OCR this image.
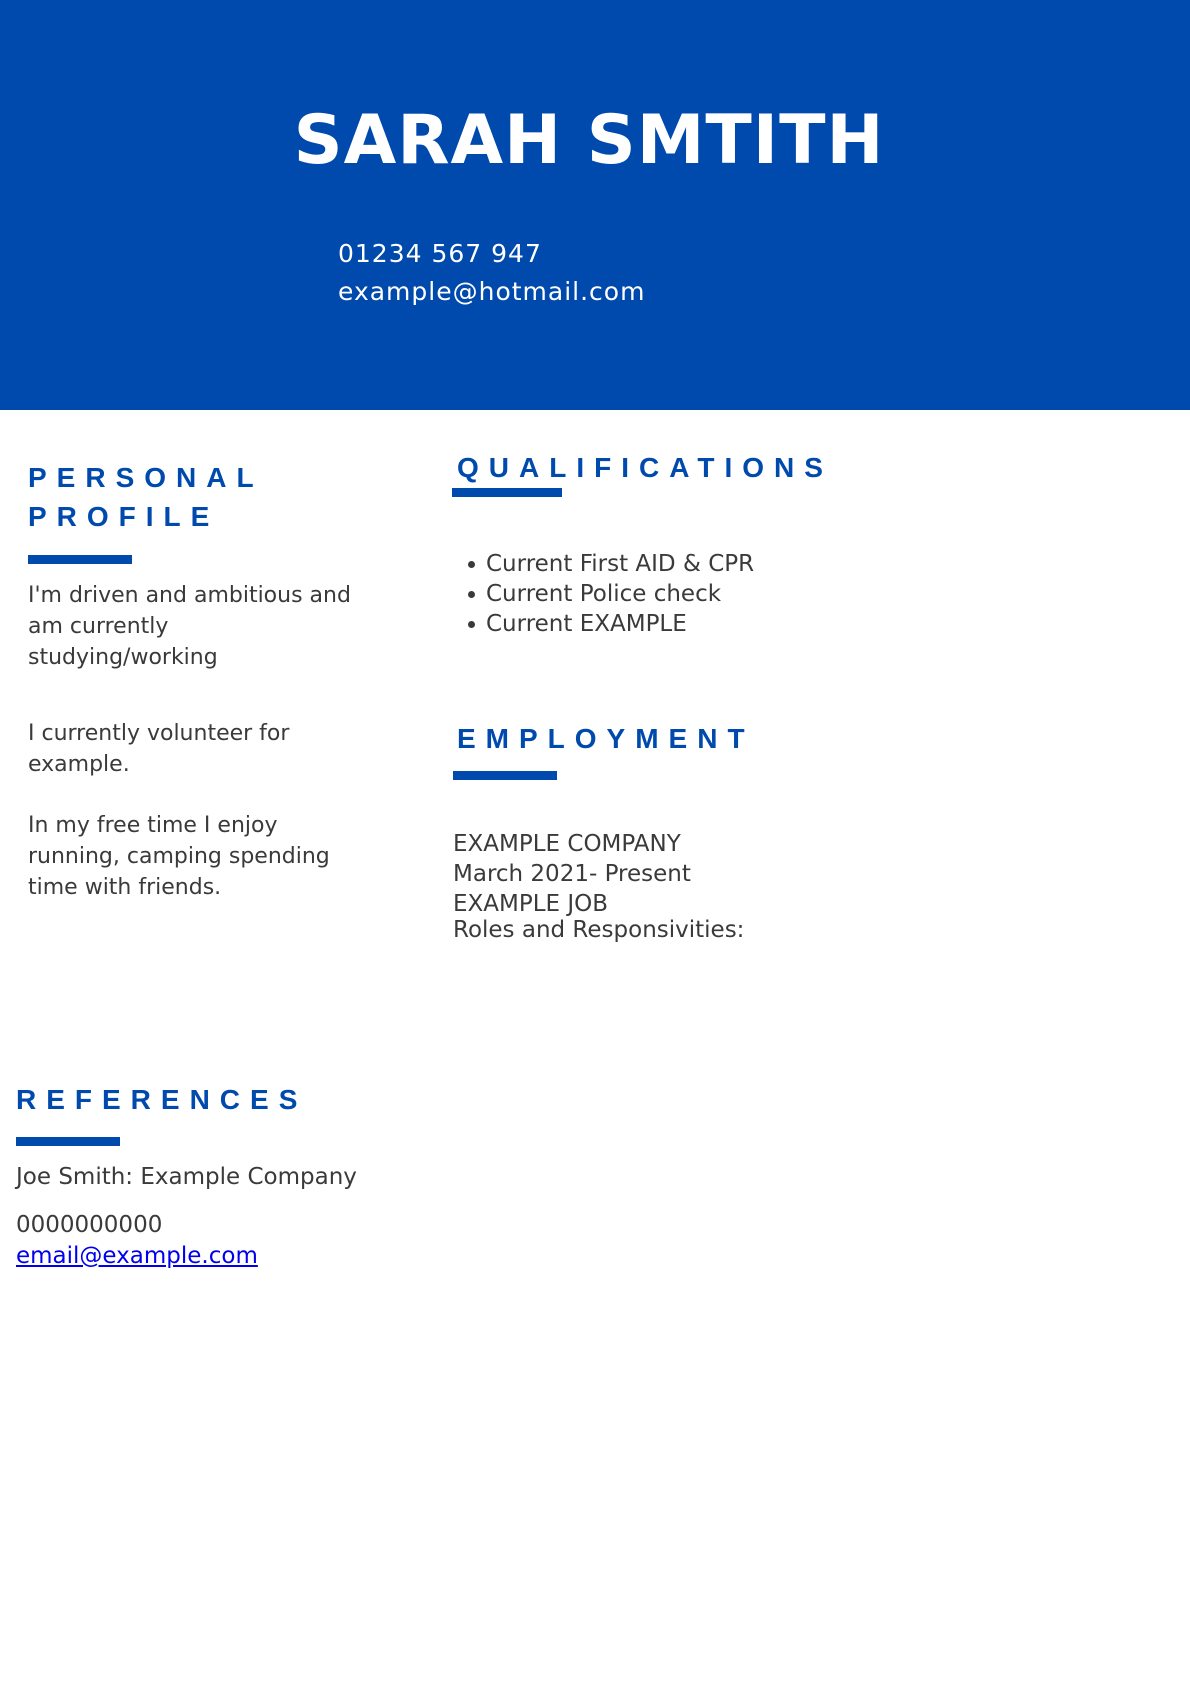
SARAH SMTITH

01234 567 947

example@hotmail.com

PERSONAL
PROFILE

I'm driven and ambitious and am currently studying/working

I currently volunteer for example.

In my free time I enjoy running, camping spending time with friends.

QUALIFICATIONS
Current First AID & CPR
Current Police check
Current EXAMPLE
EMPLOYMENT

EXAMPLE COMPANY

March 2021- Present

EXAMPLE JOB

Roles and Responsivities:

REFERENCES

Joe Smith: Example Company

0000000000

email@example.com
